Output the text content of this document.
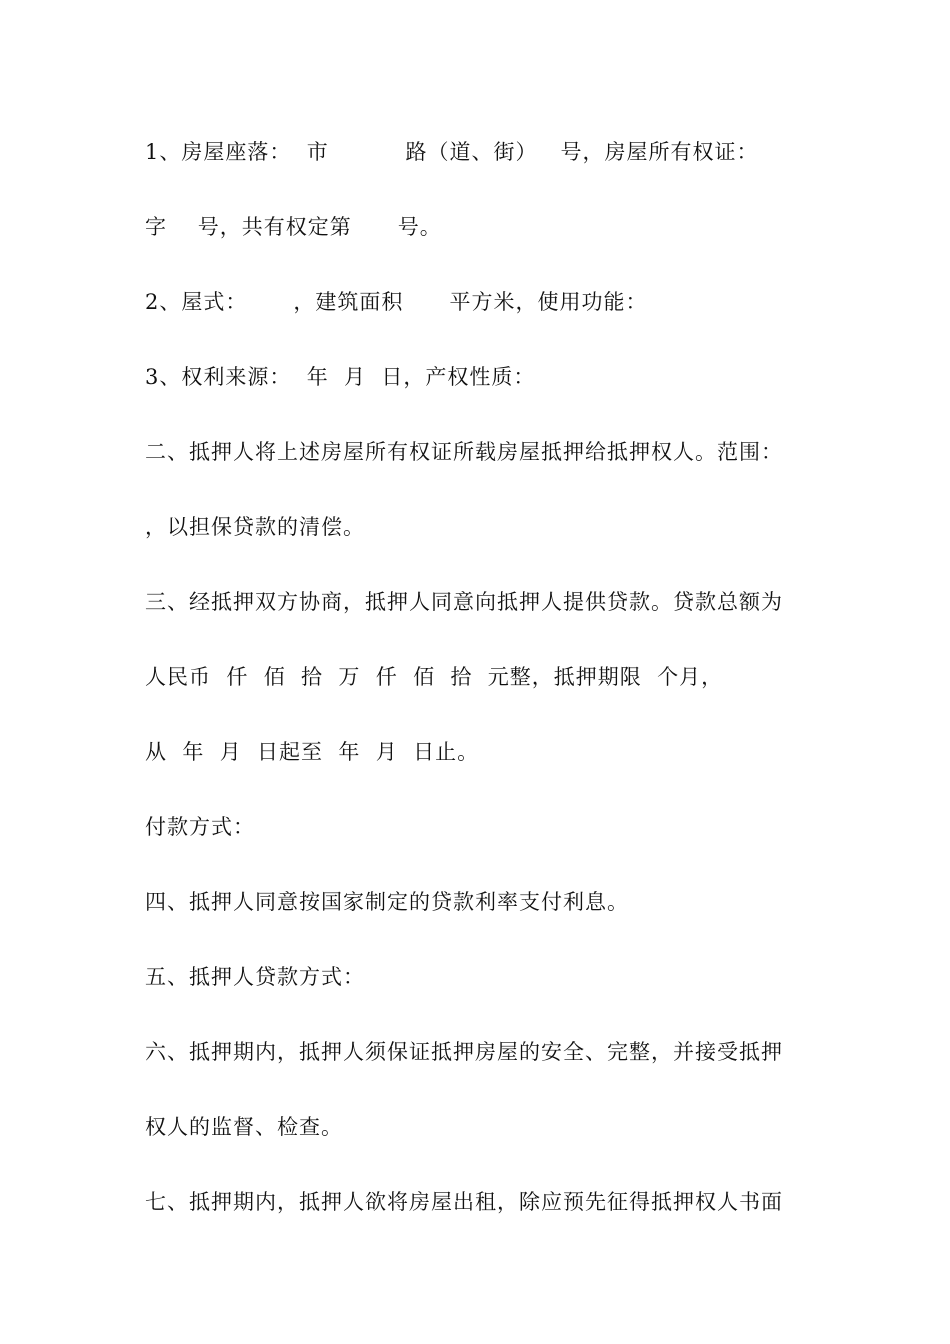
1、房屋座落：  市          路（道、街）   号，房屋所有权证：

字    号，共有权定第      号。

2、屋式：      ，建筑面积      平方米，使用功能：

3、权利来源：  年  月  日，产权性质：

二、抵押人将上述房屋所有权证所载房屋抵押给抵押权人。范围：

，以担保贷款的清偿。

三、经抵押双方协商，抵押人同意向抵押人提供贷款。贷款总额为

人民币  仟  佰  拾  万  仟  佰  拾  元整，抵押期限  个月，

从  年  月  日起至  年  月  日止。

付款方式：

四、抵押人同意按国家制定的贷款利率支付利息。

五、抵押人贷款方式：

六、抵押期内，抵押人须保证抵押房屋的安全、完整，并接受抵押

权人的监督、检查。

七、抵押期内，抵押人欲将房屋出租，除应预先征得抵押权人书面
